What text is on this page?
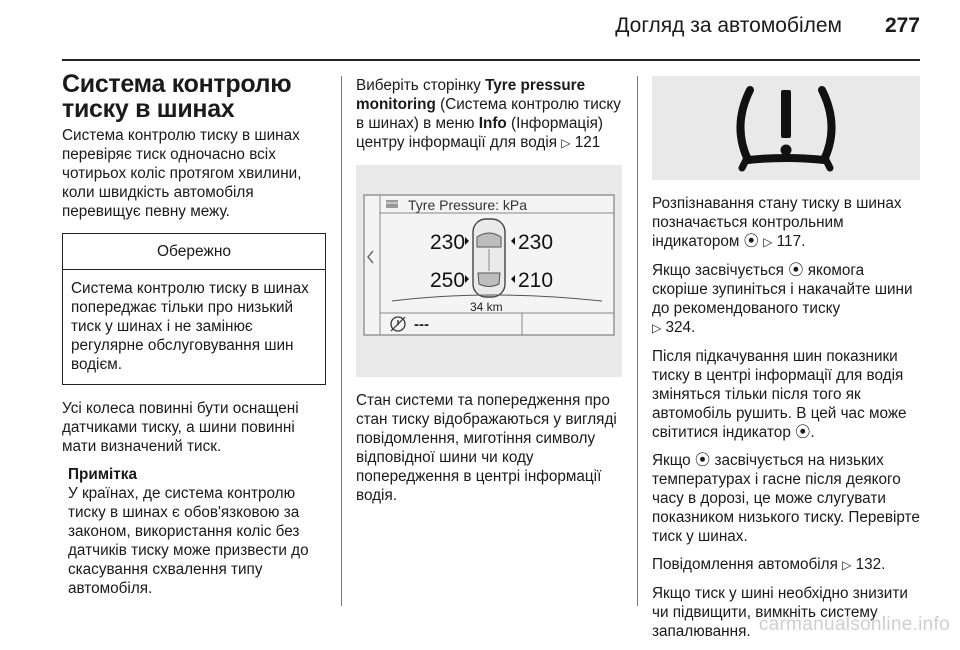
Догляд за автомобілем 277
Система контролю тиску в шинах

Система контролю тиску в шинах перевіряє тиск одночасно всіх чотирьох коліс протягом хвилини, коли швидкість автомобіля перевищує певну межу.

Обережно
Система контролю тиску в шинах попереджає тільки про низький тиск у шинах і не замінює регулярне обслуговування шин водієм.

Усі колеса повинні бути оснащені датчиками тиску, а шини повинні мати визначений тиск.

Примітка
У країнах, де система контролю тиску в шинах є обов'язковою за законом, використання коліс без датчиків тиску може призвести до скасування схвалення типу автомобіля.

Виберіть сторінку Tyre pressure monitoring (Система контролю тиску в шинах) в меню Info (Інформація) центру інформації для водія ▷ 121

Tyre Pressure: kPa
230	230
250	210
34 km
---

Стан системи та попередження про стан тиску відображаються у вигляді повідомлення, миготіння символу відповідної шини чи коду попередження в центрі інформації водія.

Розпізнавання стану тиску в шинах позначається контрольним індикатором ⦿ ▷ 117.

Якщо засвічується ⦿ якомога скоріше зупиніться і накачайте шини до рекомендованого тиску
▷ 324.

Після підкачування шин показники тиску в центрі інформації для водія зміняться тільки після того як автомобіль рушить. В цей час може світитися індикатор ⦿.

Якщо ⦿ засвічується на низьких температурах і гасне після деякого часу в дорозі, це може слугувати показником низького тиску. Перевірте тиск у шинах.

Повідомлення автомобіля ▷ 132.

Якщо тиск у шині необхідно знизити чи підвищити, вимкніть систему запалювання. carmanualsonline.info
